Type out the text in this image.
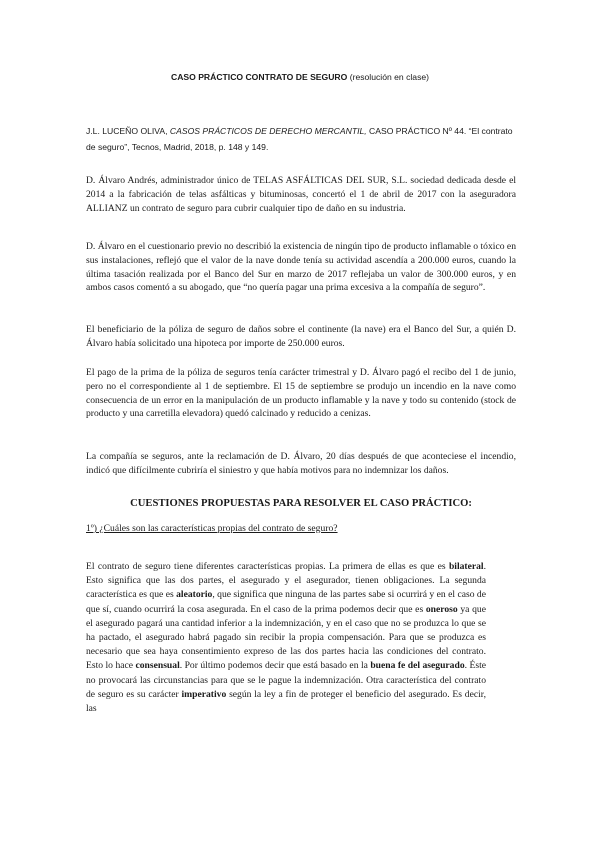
CASO PRÁCTICO CONTRATO DE SEGURO (resolución en clase)
J.L. LUCEÑO OLIVA, CASOS PRÁCTICOS DE DERECHO MERCANTIL, CASO PRÁCTICO Nº 44. “El contrato de seguro”, Tecnos, Madrid, 2018, p. 148 y 149.

D. Álvaro Andrés, administrador único de TELAS ASFÁLTICAS DEL SUR, S.L. sociedad dedicada desde el 2014 a la fabricación de telas asfálticas y bituminosas, concertó el 1 de abril de 2017 con la aseguradora ALLIANZ un contrato de seguro para cubrir cualquier tipo de daño en su industria.

D. Álvaro en el cuestionario previo no describió la existencia de ningún tipo de producto inflamable o tóxico en sus instalaciones, reflejó que el valor de la nave donde tenía su actividad ascendía a 200.000 euros, cuando la última tasación realizada por el Banco del Sur en marzo de 2017 reflejaba un valor de 300.000 euros, y en ambos casos comentó a su abogado, que “no quería pagar una prima excesiva a la compañía de seguro”.

El beneficiario de la póliza de seguro de daños sobre el continente (la nave) era el Banco del Sur, a quién D. Álvaro había solicitado una hipoteca por importe de 250.000 euros.

El pago de la prima de la póliza de seguros tenía carácter trimestral y D. Álvaro pagó el recibo del 1 de junio, pero no el correspondiente al 1 de septiembre. El 15 de septiembre se produjo un incendio en la nave como consecuencia de un error en la manipulación de un producto inflamable y la nave y todo su contenido (stock de producto y una carretilla elevadora) quedó calcinado y reducido a cenizas.

La compañía se seguros, ante la reclamación de D. Álvaro, 20 días después de que aconteciese el incendio, indicó que difícilmente cubriría el siniestro y que había motivos para no indemnizar los daños.

CUESTIONES PROPUESTAS PARA RESOLVER EL CASO PRÁCTICO:
1º) ¿Cuáles son las características propias del contrato de seguro?

El contrato de seguro tiene diferentes características propias. La primera de ellas es que es bilateral. Esto significa que las dos partes, el asegurado y el asegurador, tienen obligaciones. La segunda característica es que es aleatorio, que significa que ninguna de las partes sabe si ocurrirá y en el caso de que sí, cuando ocurrirá la cosa asegurada. En el caso de la prima podemos decir que es oneroso ya que el asegurado pagará una cantidad inferior a la indemnización, y en el caso que no se produzca lo que se ha pactado, el asegurado habrá pagado sin recibir la propia compensación. Para que se produzca es necesario que sea haya consentimiento expreso de las dos partes hacia las condiciones del contrato. Esto lo hace consensual. Por último podemos decir que está basado en la buena fe del asegurado. Éste no provocará las circunstancias para que se le pague la indemnización. Otra característica del contrato de seguro es su carácter imperativo según la ley a fin de proteger el beneficio del asegurado. Es decir, las
